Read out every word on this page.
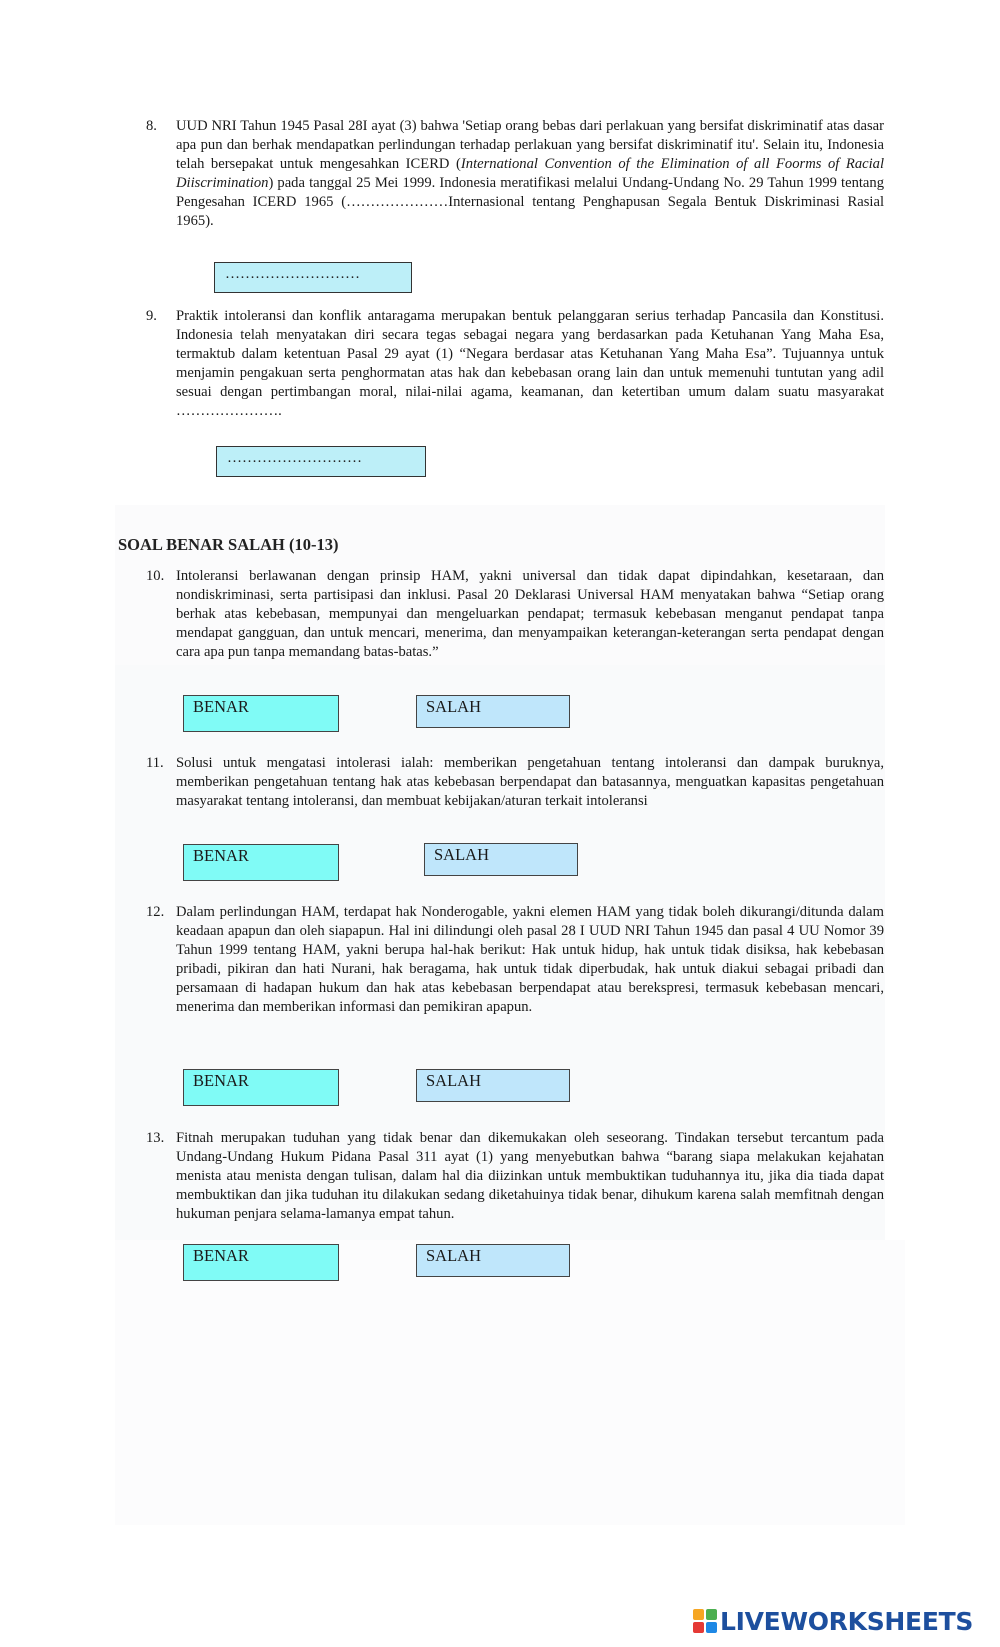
8. UUD NRI Tahun 1945 Pasal 28I ayat (3) bahwa 'Setiap orang bebas dari perlakuan yang bersifat diskriminatif atas dasar apa pun dan berhak mendapatkan perlindungan terhadap perlakuan yang bersifat diskriminatif itu'. Selain itu, Indonesia telah bersepakat untuk mengesahkan ICERD (International Convention of the Elimination of all Foorms of Racial Diiscrimination) pada tanggal 25 Mei 1999. Indonesia meratifikasi melalui Undang-Undang No. 29 Tahun 1999 tentang Pengesahan ICERD 1965 (…………………Internasional tentang Penghapusan Segala Bentuk Diskriminasi Rasial 1965).
………………………
9. Praktik intoleransi dan konflik antaragama merupakan bentuk pelanggaran serius terhadap Pancasila dan Konstitusi. Indonesia telah menyatakan diri secara tegas sebagai negara yang berdasarkan pada Ketuhanan Yang Maha Esa, termaktub dalam ketentuan Pasal 29 ayat (1) “Negara berdasar atas Ketuhanan Yang Maha Esa”. Tujuannya untuk menjamin pengakuan serta penghormatan atas hak dan kebebasan orang lain dan untuk memenuhi tuntutan yang adil sesuai dengan pertimbangan moral, nilai-nilai agama, keamanan, dan ketertiban umum dalam suatu masyarakat ………………….
………………………
SOAL BENAR SALAH (10-13)
10. Intoleransi berlawanan dengan prinsip HAM, yakni universal dan tidak dapat dipindahkan, kesetaraan, dan nondiskriminasi, serta partisipasi dan inklusi. Pasal 20 Deklarasi Universal HAM menyatakan bahwa “Setiap orang berhak atas kebebasan, mempunyai dan mengeluarkan pendapat; termasuk kebebasan menganut pendapat tanpa mendapat gangguan, dan untuk mencari, menerima, dan menyampaikan keterangan-keterangan serta pendapat dengan cara apa pun tanpa memandang batas-batas.”
BENAR	SALAH
11. Solusi untuk mengatasi intolerasi ialah: memberikan pengetahuan tentang intoleransi dan dampak buruknya, memberikan pengetahuan tentang hak atas kebebasan berpendapat dan batasannya, menguatkan kapasitas pengetahuan masyarakat tentang intoleransi, dan membuat kebijakan/aturan terkait intoleransi
BENAR	SALAH
12. Dalam perlindungan HAM, terdapat hak Nonderogable, yakni elemen HAM yang tidak boleh dikurangi/ditunda dalam keadaan apapun dan oleh siapapun. Hal ini dilindungi oleh pasal 28 I UUD NRI Tahun 1945 dan pasal 4 UU Nomor 39 Tahun 1999 tentang HAM, yakni berupa hal-hak berikut: Hak untuk hidup, hak untuk tidak disiksa, hak kebebasan pribadi, pikiran dan hati Nurani, hak beragama, hak untuk tidak diperbudak, hak untuk diakui sebagai pribadi dan persamaan di hadapan hukum dan hak atas kebebasan berpendapat atau berekspresi, termasuk kebebasan mencari, menerima dan memberikan informasi dan pemikiran apapun.
BENAR	SALAH
13. Fitnah merupakan tuduhan yang tidak benar dan dikemukakan oleh seseorang. Tindakan tersebut tercantum pada Undang-Undang Hukum Pidana Pasal 311 ayat (1) yang menyebutkan bahwa “barang siapa melakukan kejahatan menista atau menista dengan tulisan, dalam hal dia diizinkan untuk membuktikan tuduhannya itu, jika dia tiada dapat membuktikan dan jika tuduhan itu dilakukan sedang diketahuinya tidak benar, dihukum karena salah memfitnah dengan hukuman penjara selama-lamanya empat tahun.
BENAR	SALAH
LIVEWORKSHEETS
